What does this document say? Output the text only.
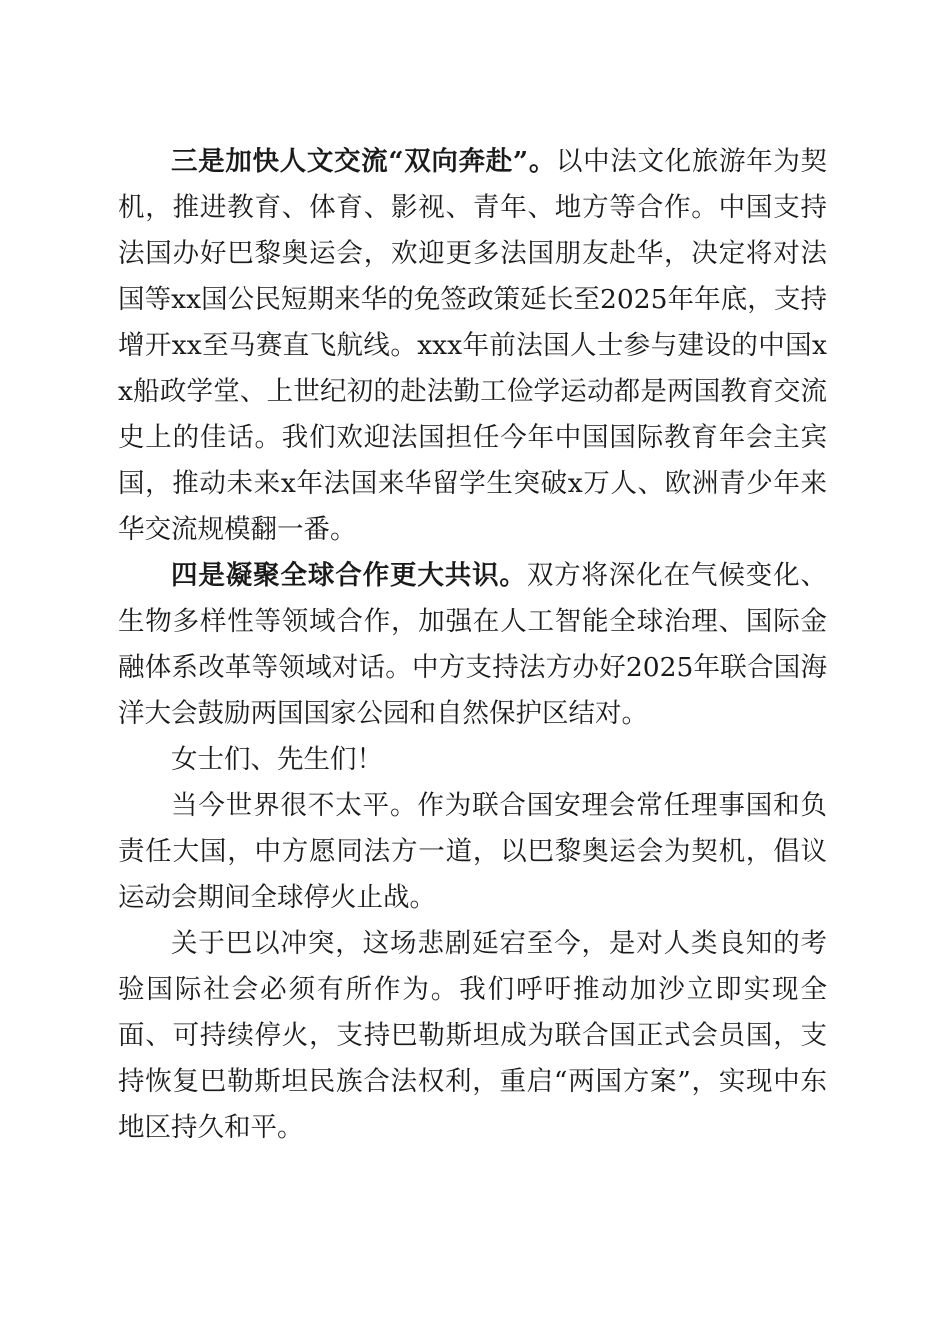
三是加快人文交流“双向奔赴”。以中法文化旅游年为契机，推进教育、体育、影视、青年、地方等合作。中国支持法国办好巴黎奥运会，欢迎更多法国朋友赴华，决定将对法国等xx国公民短期来华的免签政策延长至2025年年底，支持增开xx至马赛直飞航线。xxx年前法国人士参与建设的中国xx船政学堂、上世纪初的赴法勤工俭学运动都是两国教育交流史上的佳话。我们欢迎法国担任今年中国国际教育年会主宾国，推动未来x年法国来华留学生突破x万人、欧洲青少年来华交流规模翻一番。

四是凝聚全球合作更大共识。双方将深化在气候变化、生物多样性等领域合作，加强在人工智能全球治理、国际金融体系改革等领域对话。中方支持法方办好2025年联合国海洋大会鼓励两国国家公园和自然保护区结对。

女士们、先生们！

当今世界很不太平。作为联合国安理会常任理事国和负责任大国，中方愿同法方一道，以巴黎奥运会为契机，倡议运动会期间全球停火止战。

关于巴以冲突，这场悲剧延宕至今，是对人类良知的考验国际社会必须有所作为。我们呼吁推动加沙立即实现全面、可持续停火，支持巴勒斯坦成为联合国正式会员国，支持恢复巴勒斯坦民族合法权利，重启“两国方案”，实现中东地区持久和平。
